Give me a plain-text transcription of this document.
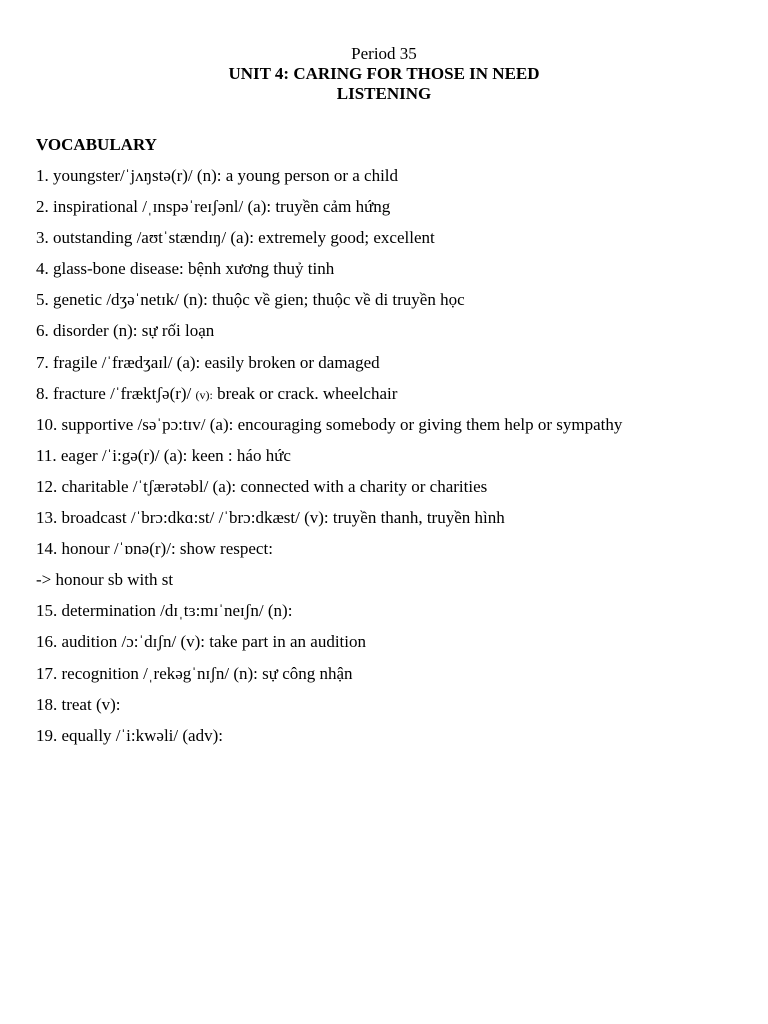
Period 35
UNIT 4: CARING FOR THOSE IN NEED
LISTENING
VOCABULARY
1. youngster/ˈjʌŋstə(r)/ (n): a young person or a child
2. inspirational /ˌɪnspəˈreɪʃənl/ (a): truyền cảm hứng
3. outstanding /aʊtˈstændɪŋ/ (a): extremely good; excellent
4. glass-bone disease: bệnh xương thuỷ tinh
5. genetic /dʒəˈnetɪk/ (n): thuộc về gien; thuộc về di truyền học
6. disorder (n): sự rối loạn
7. fragile /ˈfrædʒaɪl/ (a): easily broken or damaged
8. fracture /ˈfræktʃə(r)/ (v): break or crack. wheelchair
10. supportive /səˈpɔ:tɪv/ (a): encouraging somebody or giving them help or sympathy
11. eager /ˈi:gə(r)/ (a): keen : háo hức
12. charitable /ˈtʃærətəbl/ (a): connected with a charity or charities
13. broadcast /ˈbrɔ:dkɑ:st/ /ˈbrɔ:dkæst/ (v): truyền thanh, truyền hình
14. honour /ˈɒnə(r)/: show respect:
-> honour sb with st
15. determination /dɪˌtɜ:mɪˈneɪʃn/ (n):
16. audition /ɔ:ˈdɪʃn/ (v): take part in an audition
17. recognition /ˌrekəgˈnɪʃn/ (n): sự công nhận
18. treat (v):
19. equally /ˈi:kwəli/ (adv):
